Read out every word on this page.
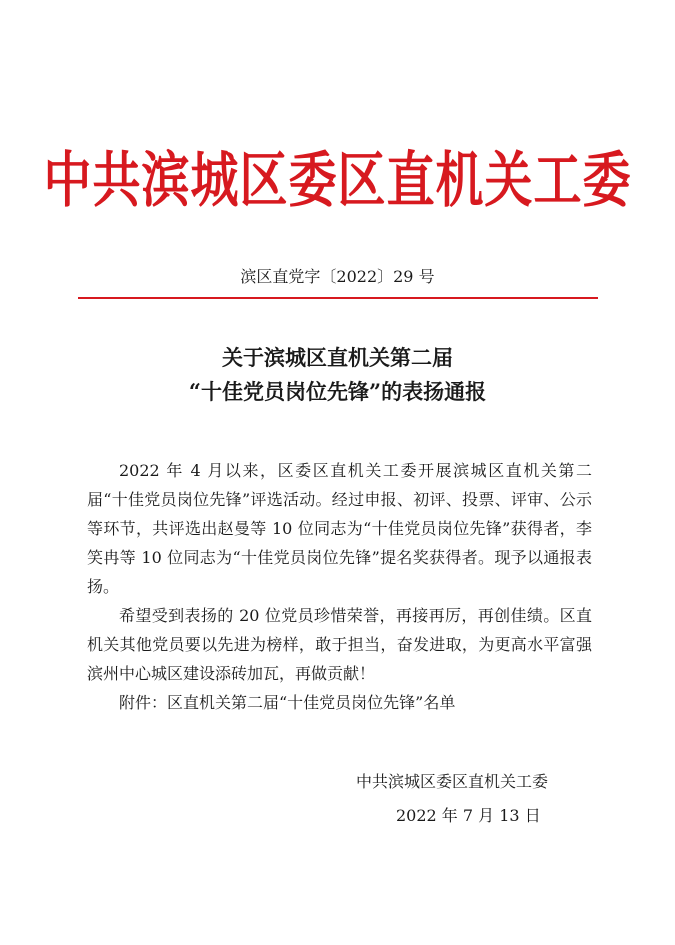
中共滨城区委区直机关工委
滨区直党字〔2022〕29 号
关于滨城区直机关第二届
“十佳党员岗位先锋”的表扬通报

2022 年 4 月以来，区委区直机关工委开展滨城区直机关第二届“十佳党员岗位先锋”评选活动。经过申报、初评、投票、评审、公示等环节，共评选出赵曼等 10 位同志为“十佳党员岗位先锋”获得者，李笑冉等 10 位同志为“十佳党员岗位先锋”提名奖获得者。现予以通报表扬。

希望受到表扬的 20 位党员珍惜荣誉，再接再厉，再创佳绩。区直机关其他党员要以先进为榜样，敢于担当，奋发进取，为更高水平富强滨州中心城区建设添砖加瓦，再做贡献！

附件：区直机关第二届“十佳党员岗位先锋”名单

中共滨城区委区直机关工委
2022 年 7 月 13 日
